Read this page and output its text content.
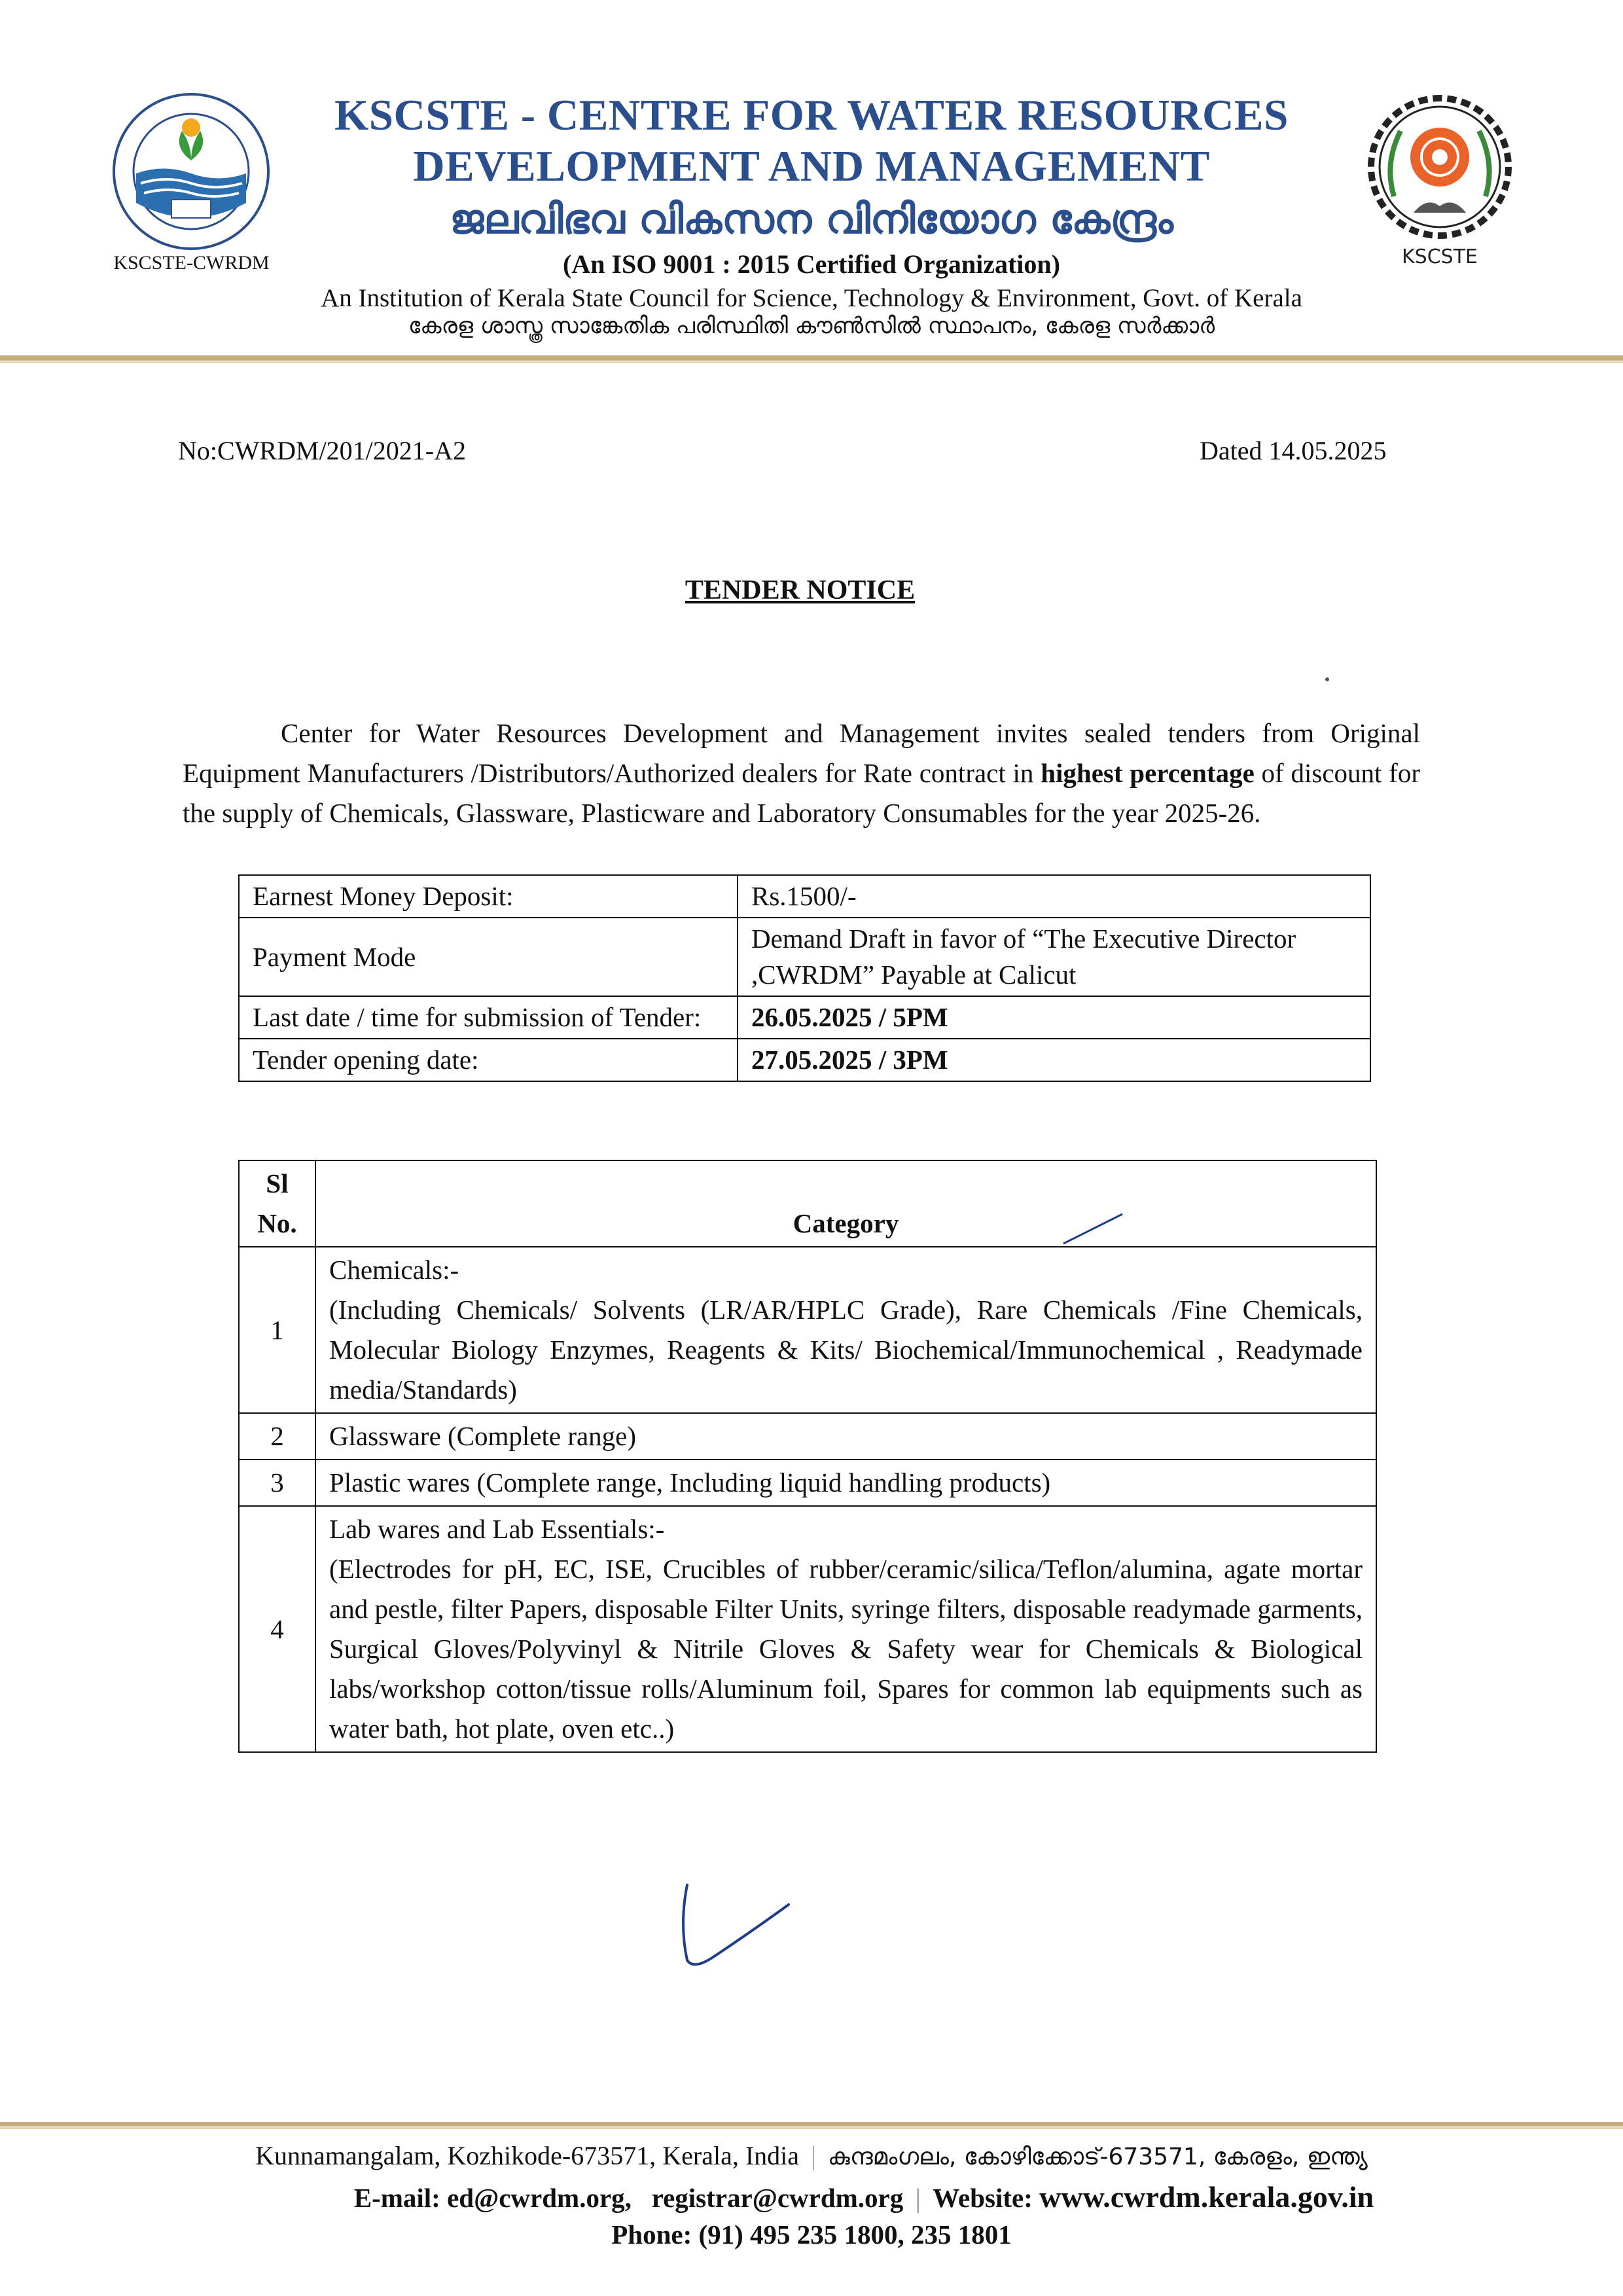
KSCSTE-CWRDM
KSCSTE - CENTRE FOR WATER RESOURCES
DEVELOPMENT AND MANAGEMENT
ജലവിഭവ വികസന വിനിയോഗ കേന്ദ്രം
(An ISO 9001 : 2015 Certified Organization)
An Institution of Kerala State Council for Science, Technology & Environment, Govt. of Kerala
കേരള ശാസ്ത്ര സാങ്കേതിക പരിസ്ഥിതി കൗൺസിൽ സ്ഥാപനം, കേരള സർക്കാർ
KSCSTE
No:CWRDM/201/2021-A2	Dated 14.05.2025
TENDER NOTICE
Center for Water Resources Development and Management invites sealed tenders from Original Equipment Manufacturers /Distributors/Authorized dealers for Rate contract in highest percentage of discount for the supply of Chemicals, Glassware, Plasticware and Laboratory Consumables for the year 2025-26.
Earnest Money Deposit:	Rs.1500/-
Payment Mode	Demand Draft in favor of “The Executive Director ,CWRDM” Payable at Calicut
Last date / time for submission of Tender:	26.05.2025 / 5PM
Tender opening date:	27.05.2025 / 3PM
Sl No.	Category
1	Chemicals:-
(Including Chemicals/ Solvents (LR/AR/HPLC Grade), Rare Chemicals /Fine Chemicals, Molecular Biology Enzymes, Reagents & Kits/ Biochemical/Immunochemical , Readymade media/Standards)

2	Glassware (Complete range)

3	Plastic wares (Complete range, Including liquid handling products)

4	Lab wares and Lab Essentials:-
(Electrodes for pH, EC, ISE, Crucibles of rubber/ceramic/silica/Teflon/alumina, agate mortar and pestle, filter Papers, disposable Filter Units, syringe filters, disposable readymade garments, Surgical Gloves/Polyvinyl & Nitrile Gloves & Safety wear for Chemicals & Biological labs/workshop cotton/tissue rolls/Aluminum foil, Spares for common lab equipments such as water bath, hot plate, oven etc..)
Kunnamangalam, Kozhikode-673571, Kerala, India | കുന്ദമംഗലം, കോഴിക്കോട്-673571, കേരളം, ഇന്ത്യ
E-mail: ed@cwrdm.org, registrar@cwrdm.org | Website: www.cwrdm.kerala.gov.in
Phone: (91) 495 235 1800, 235 1801
